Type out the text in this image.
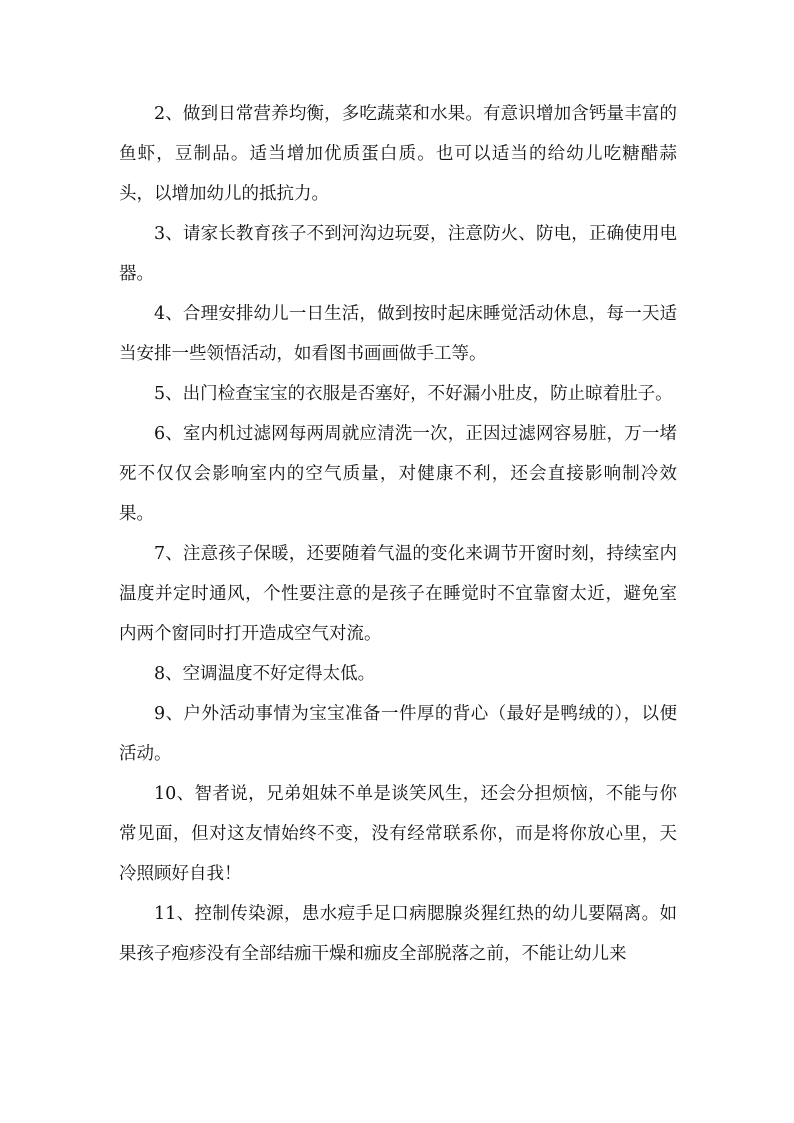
2、做到日常营养均衡，多吃蔬菜和水果。有意识增加含钙量丰富的鱼虾，豆制品。适当增加优质蛋白质。也可以适当的给幼儿吃糖醋蒜头，以增加幼儿的抵抗力。

3、请家长教育孩子不到河沟边玩耍，注意防火、防电，正确使用电器。

4、合理安排幼儿一日生活，做到按时起床睡觉活动休息，每一天适当安排一些领悟活动，如看图书画画做手工等。

5、出门检查宝宝的衣服是否塞好，不好漏小肚皮，防止晾着肚子。

6、室内机过滤网每两周就应清洗一次，正因过滤网容易脏，万一堵死不仅仅会影响室内的空气质量，对健康不利，还会直接影响制冷效果。

7、注意孩子保暖，还要随着气温的变化来调节开窗时刻，持续室内温度并定时通风，个性要注意的是孩子在睡觉时不宜靠窗太近，避免室内两个窗同时打开造成空气对流。

8、空调温度不好定得太低。

9、户外活动事情为宝宝准备一件厚的背心（最好是鸭绒的），以便活动。

10、智者说，兄弟姐妹不单是谈笑风生，还会分担烦恼，不能与你常见面，但对这友情始终不变，没有经常联系你，而是将你放心里，天冷照顾好自我！

11、控制传染源，患水痘手足口病腮腺炎猩红热的幼儿要隔离。如果孩子疱疹没有全部结痂干燥和痂皮全部脱落之前，不能让幼儿来
